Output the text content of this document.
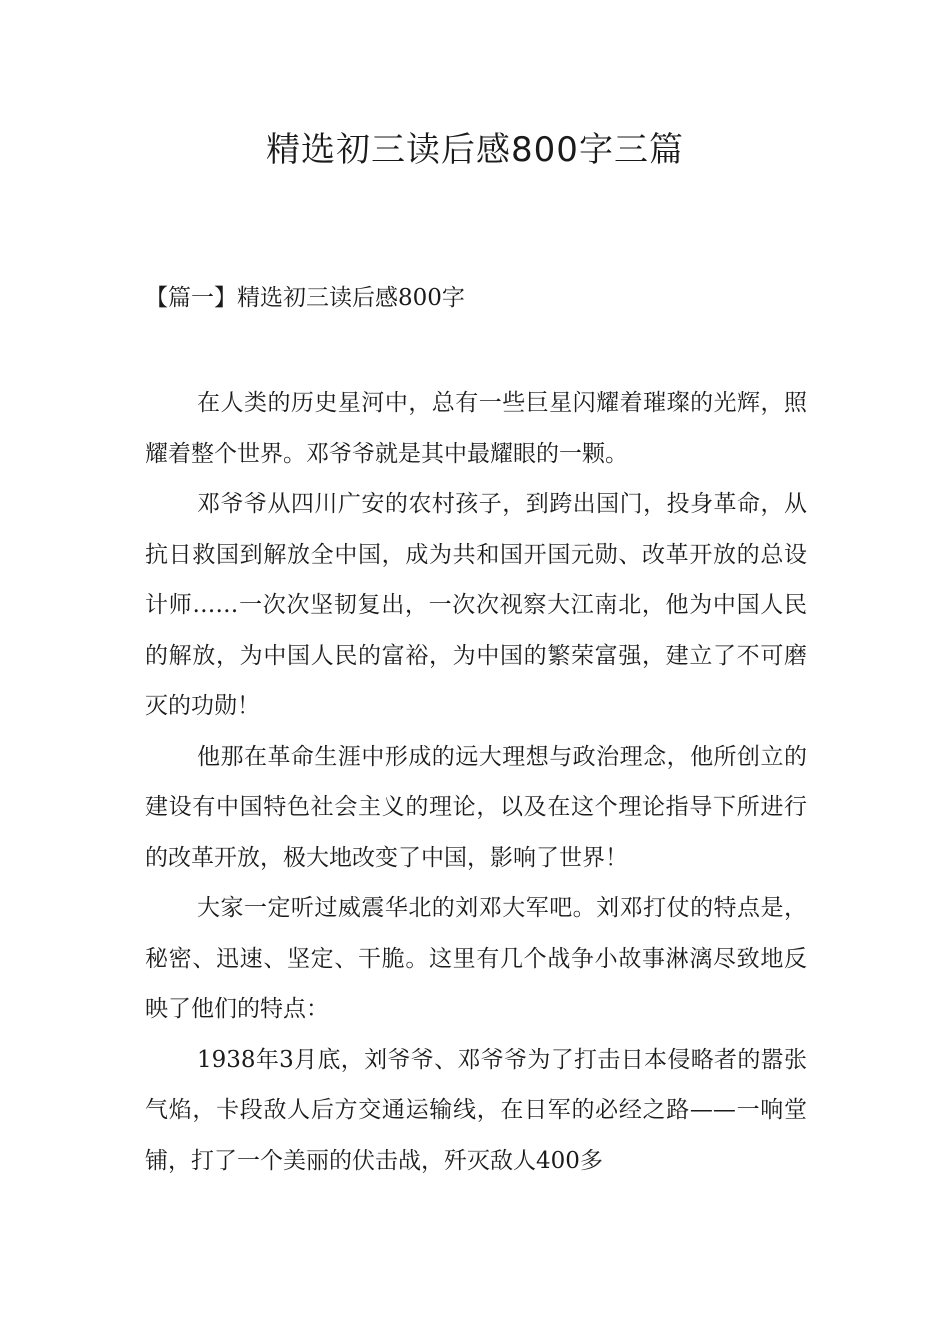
精选初三读后感800字三篇
【篇一】精选初三读后感800字

在人类的历史星河中，总有一些巨星闪耀着璀璨的光辉，照耀着整个世界。邓爷爷就是其中最耀眼的一颗。

邓爷爷从四川广安的农村孩子，到跨出国门，投身革命，从抗日救国到解放全中国，成为共和国开国元勋、改革开放的总设计师……一次次坚韧复出，一次次视察大江南北，他为中国人民的解放，为中国人民的富裕，为中国的繁荣富强，建立了不可磨灭的功勋！

他那在革命生涯中形成的远大理想与政治理念，他所创立的建设有中国特色社会主义的理论，以及在这个理论指导下所进行的改革开放，极大地改变了中国，影响了世界！

大家一定听过威震华北的刘邓大军吧。刘邓打仗的特点是，秘密、迅速、坚定、干脆。这里有几个战争小故事淋漓尽致地反映了他们的特点：

1938年3月底，刘爷爷、邓爷爷为了打击日本侵略者的嚣张气焰，卡段敌人后方交通运输线，在日军的必经之路——一响堂铺，打了一个美丽的伏击战，歼灭敌人400多
